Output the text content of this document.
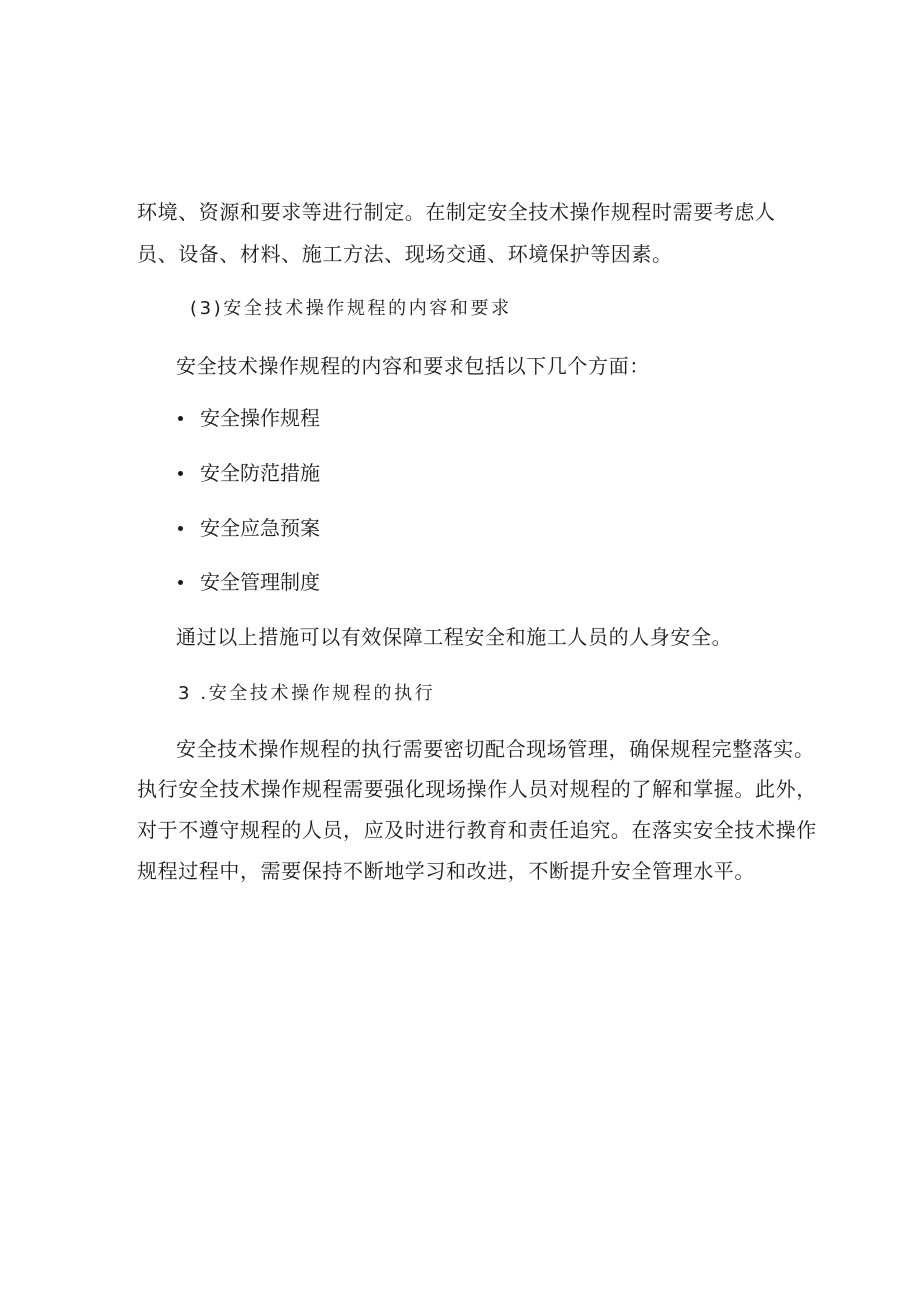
环境、资源和要求等进行制定。在制定安全技术操作规程时需要考虑人
员、设备、材料、施工方法、现场交通、环境保护等因素。
(3)安全技术操作规程的内容和要求
安全技术操作规程的内容和要求包括以下几个方面：
安全操作规程
安全防范措施
安全应急预案
安全管理制度
通过以上措施可以有效保障工程安全和施工人员的人身安全。
3 .安全技术操作规程的执行
安全技术操作规程的执行需要密切配合现场管理，确保规程完整落实。
执行安全技术操作规程需要强化现场操作人员对规程的了解和掌握。此外，
对于不遵守规程的人员，应及时进行教育和责任追究。在落实安全技术操作
规程过程中，需要保持不断地学习和改进，不断提升安全管理水平。
